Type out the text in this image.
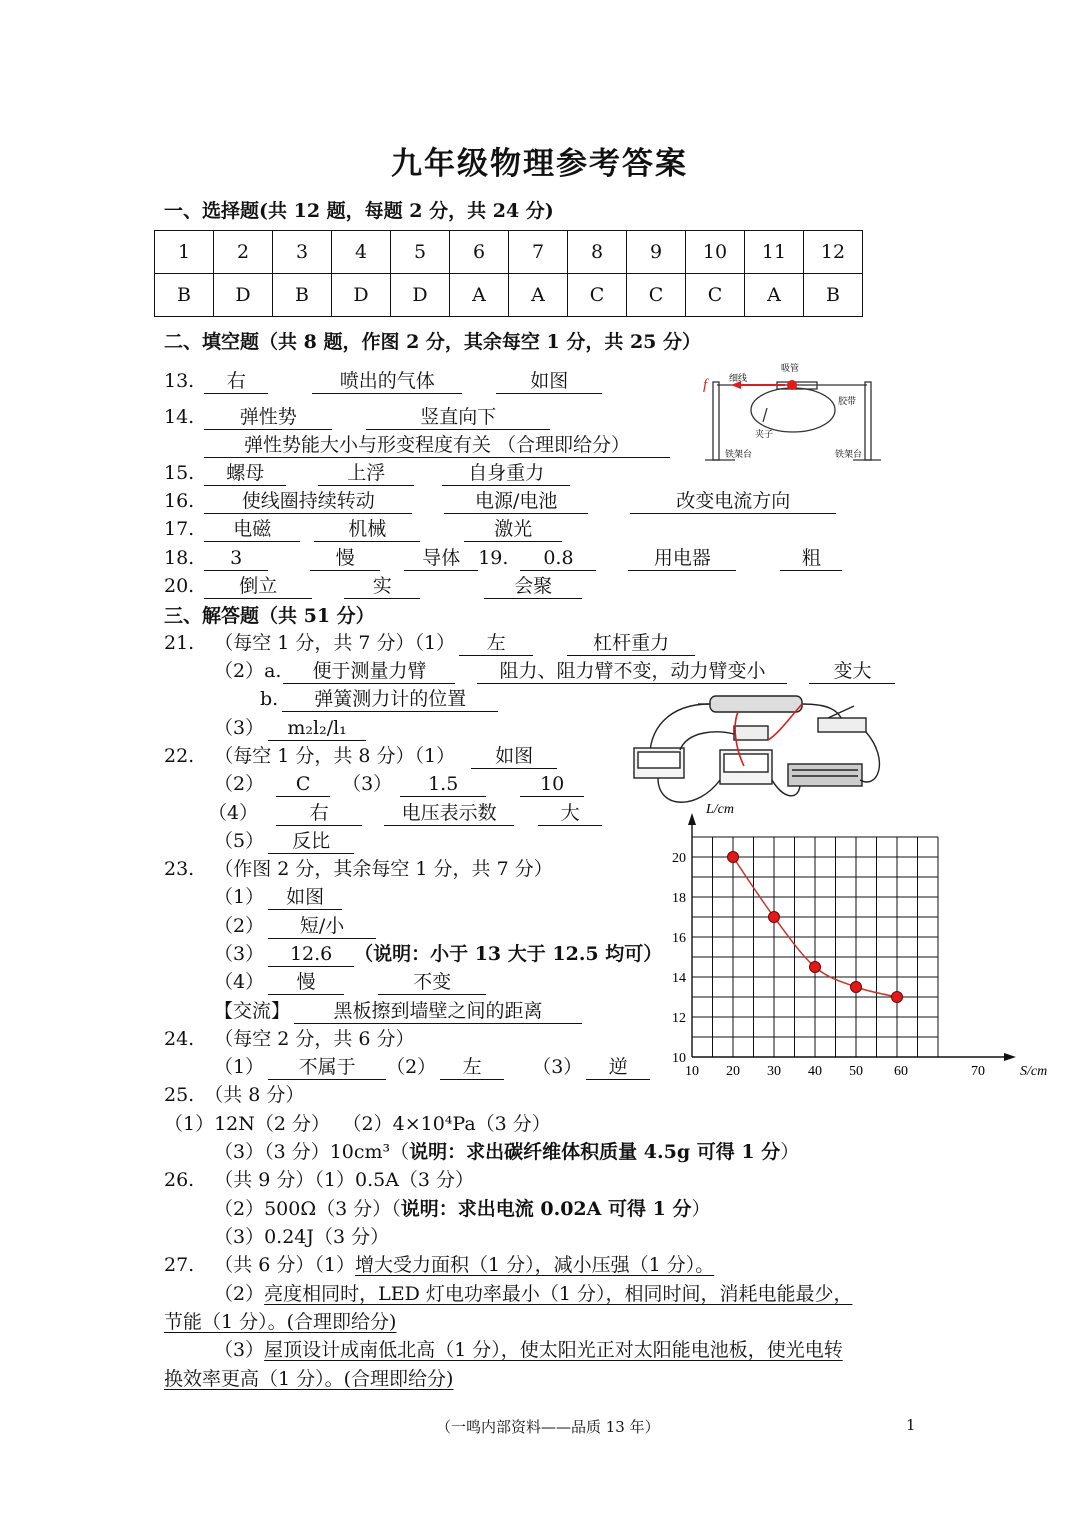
九年级物理参考答案
一、选择题(共 12 题，每题 2 分，共 24 分)
1	2	3	4	5	6	7	8	9	10	11	12
B	D	B	D	D	A	A	C	C	C	A	B
二、填空题（共 8 题，作图 2 分，其余每空 1 分，共 25 分）
13. 右	喷出的气体	如图
14. 弹性势	竖直向下
弹性势能大小与形变程度有关 （合理即给分）
15. 螺母	上浮	自身重力
16. 使线圈持续转动	电源/电池	改变电流方向
17. 电磁	机械	激光
18. 3	慢	导体 19. 0.8	用电器	粗
20. 倒立	实	会聚
三、解答题（共 51 分）
21. （每空 1 分，共 7 分）（1） 左	杠杆重力
（2）a. 便于测量力臂	阻力、阻力臂不变，动力臂变小	变大
b. 弹簧测力计的位置
（3） m₂l₂/l₁
22. （每空 1 分，共 8 分）（1） 如图
（2） C （3） 1.5	10
（4）	右	电压表示数	大
（5） 反比
23. （作图 2 分，其余每空 1 分，共 7 分）
（1） 如图
（2） 短/小
（3） 12.6 （说明：小于 13 大于 12.5 均可）
（4） 慢	不变
【交流】 黑板擦到墙壁之间的距离
24. （每空 2 分，共 6 分）
（1） 不属于 （2） 左	（3） 逆
25. （共 8 分）
（1）12N（2 分） （2）4×10⁴Pa（3 分）
（3）（3 分）10cm³（说明：求出碳纤维体积质量 4.5g 可得 1 分）
26. （共 9 分）（1）0.5A（3 分）
（2）500Ω（3 分）（说明：求出电流 0.02A 可得 1 分）
（3）0.24J（3 分）
27. （共 6 分）（1）增大受力面积（1 分），减小压强（1 分）。
（2）亮度相同时，LED 灯电功率最小（1 分），相同时间，消耗电能最少，
节能（1 分）。(合理即给分)
（3）屋顶设计成南低北高（1 分），使太阳光正对太阳能电池板，使光电转
换效率更高（1 分）。(合理即给分)
（一鸣内部资料——品质 13 年）	1
f
吸管
细线
胶带
夹子
铁架台	铁架台
10 20 30 40 50 60	70
10
12
14
16
18
20
S/cm
L/cm
